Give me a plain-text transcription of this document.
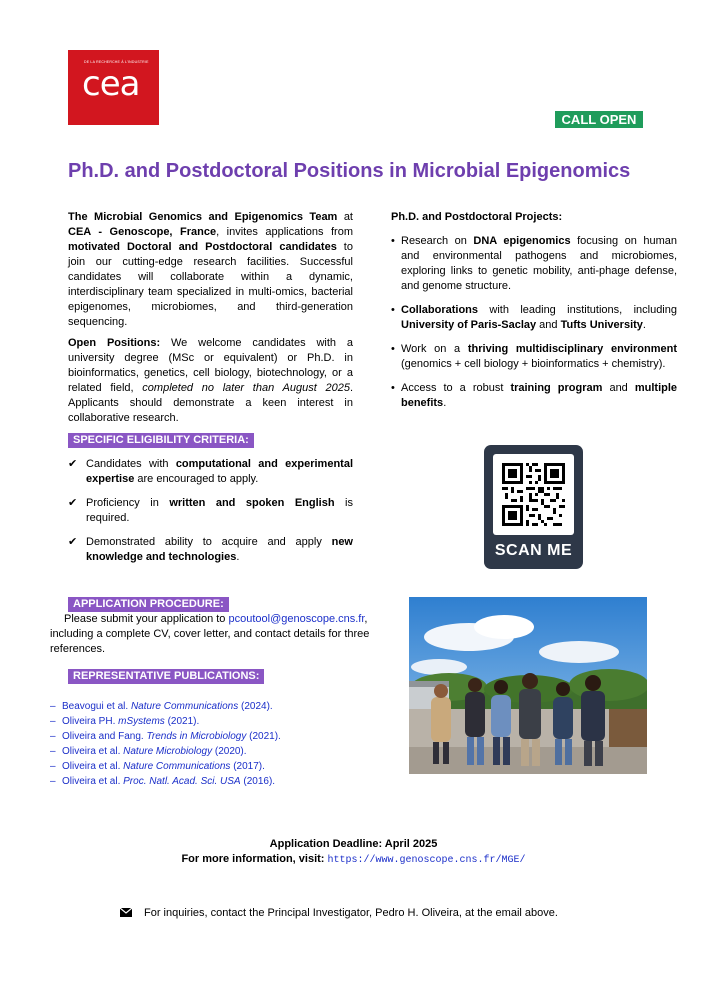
DE LA RECHERCHE À L'INDUSTRIE
cea
CALL OPEN
Ph.D. and Postdoctoral Positions in Microbial Epigenomics

The Microbial Genomics and Epigenomics Team at CEA - Genoscope, France, invites applications from motivated Doctoral and Postdoctoral candidates to join our cutting-edge research facilities. Successful candidates will collaborate within a dynamic, interdisciplinary team specialized in multi-omics, bacterial epigenomes, microbiomes, and third-generation sequencing.

Open Positions: We welcome candidates with a university degree (MSc or equivalent) or Ph.D. in bioinformatics, genetics, cell biology, biotechnology, or a related field, completed no later than August 2025. Applicants should demonstrate a keen interest in collaborative research.

Ph.D. and Postdoctoral Projects:
• Research on DNA epigenomics focusing on human and environmental pathogens and microbiomes, exploring links to genetic mobility, anti-phage defense, and genome structure.
• Collaborations with leading institutions, including University of Paris-Saclay and Tufts University.
• Work on a thriving multidisciplinary environment (genomics + cell biology + bioinformatics + chemistry).
• Access to a robust training program and multiple benefits.
SPECIFIC ELIGIBILITY CRITERIA:
✔ Candidates with computational and experimental expertise are encouraged to apply.
✔ Proficiency in written and spoken English is required.
✔ Demonstrated ability to acquire and apply new knowledge and technologies.	SCAN ME
APPLICATION PROCEDURE:
Please submit your application to pcoutool@genoscope.cns.fr, including a complete CV, cover letter, and contact details for three references.
REPRESENTATIVE PUBLICATIONS:
– Beavogui et al. Nature Communications (2024).
– Oliveira PH. mSystems (2021).
– Oliveira and Fang. Trends in Microbiology (2021).
– Oliveira et al. Nature Microbiology (2020).
– Oliveira et al. Nature Communications (2017).
– Oliveira et al. Proc. Natl. Acad. Sci. USA (2016).
Application Deadline: April 2025
For more information, visit: https://www.genoscope.cns.fr/MGE/
For inquiries, contact the Principal Investigator, Pedro H. Oliveira, at the email above.
